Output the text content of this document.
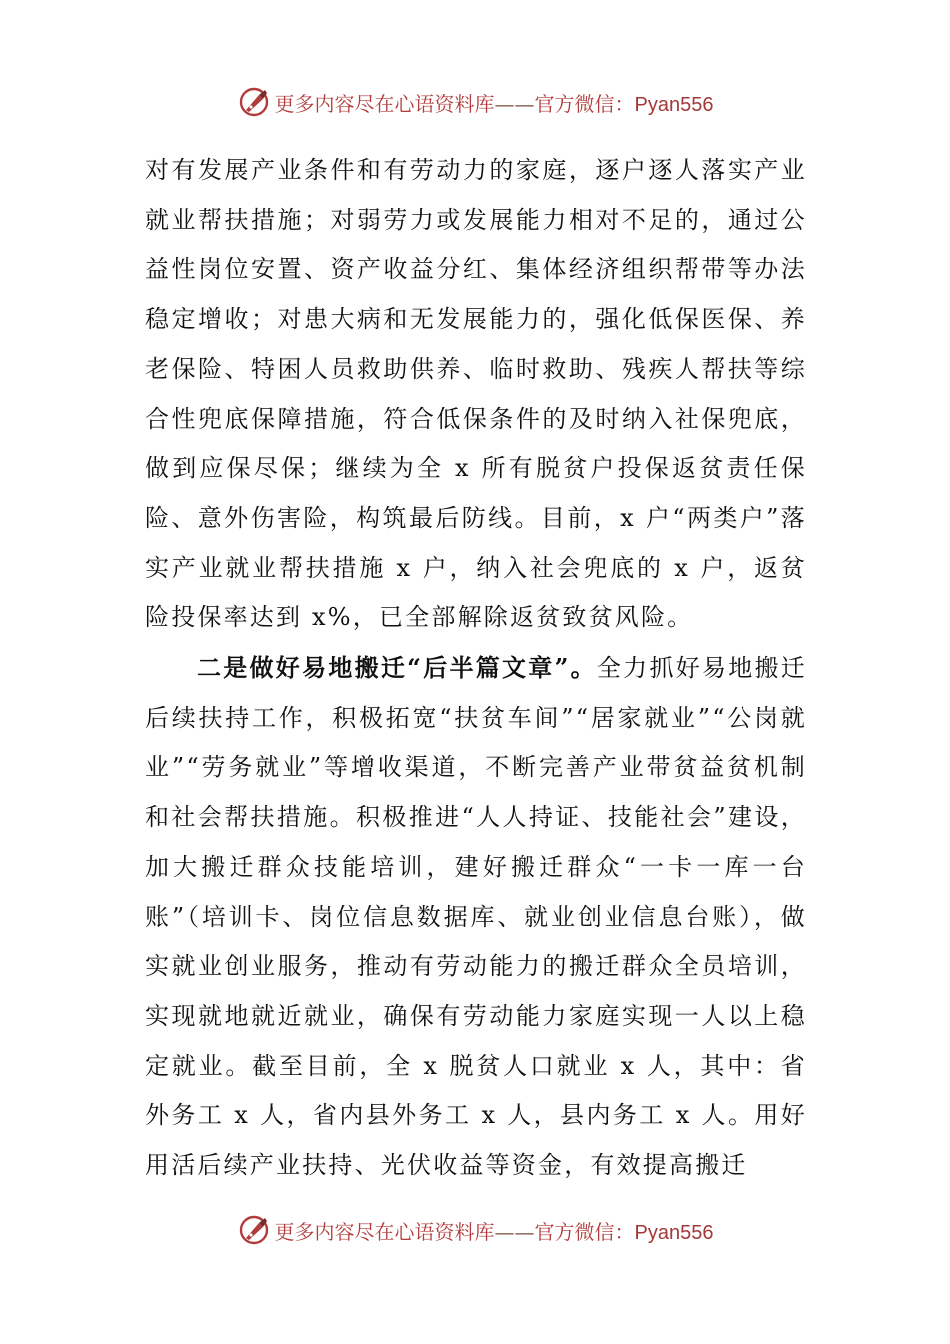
更多内容尽在心语资料库——官方微信：Pyan556

对有发展产业条件和有劳动力的家庭，逐户逐人落实产业就业帮扶措施；对弱劳力或发展能力相对不足的，通过公益性岗位安置、资产收益分红、集体经济组织帮带等办法稳定增收；对患大病和无发展能力的，强化低保医保、养老保险、特困人员救助供养、临时救助、残疾人帮扶等综合性兜底保障措施，符合低保条件的及时纳入社保兜底，做到应保尽保；继续为全 x 所有脱贫户投保返贫责任保险、意外伤害险，构筑最后防线。目前，x 户“两类户”落实产业就业帮扶措施 x 户，纳入社会兜底的 x 户，返贫险投保率达到 x%，已全部解除返贫致贫风险。

二是做好易地搬迁“后半篇文章”。全力抓好易地搬迁后续扶持工作，积极拓宽“扶贫车间”“居家就业”“公岗就业”“劳务就业”等增收渠道，不断完善产业带贫益贫机制和社会帮扶措施。积极推进“人人持证、技能社会”建设，加大搬迁群众技能培训，建好搬迁群众“一卡一库一台账”（培训卡、岗位信息数据库、就业创业信息台账），做实就业创业服务，推动有劳动能力的搬迁群众全员培训，实现就地就近就业，确保有劳动能力家庭实现一人以上稳定就业。截至目前，全 x 脱贫人口就业 x 人，其中：省外务工 x 人，省内县外务工 x 人，县内务工 x 人。用好用活后续产业扶持、光伏收益等资金，有效提高搬迁

更多内容尽在心语资料库——官方微信：Pyan556
